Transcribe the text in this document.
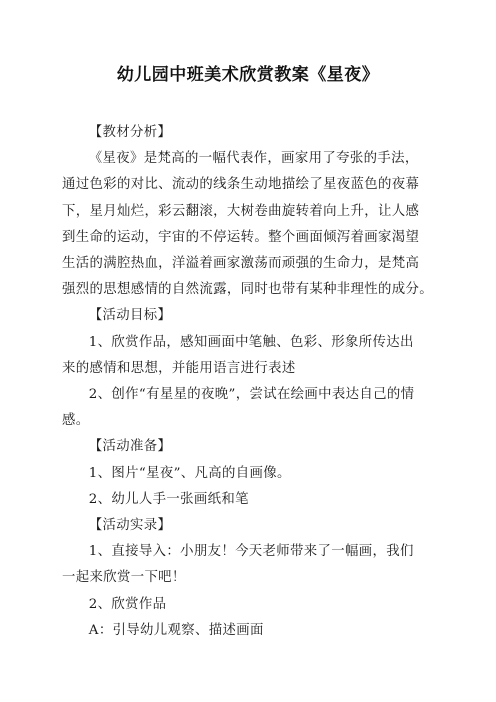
幼儿园中班美术欣赏教案《星夜》
【教材分析】
《星夜》是梵高的一幅代表作，画家用了夸张的手法，
通过色彩的对比、流动的线条生动地描绘了星夜蓝色的夜幕
下，星月灿烂，彩云翻滚，大树卷曲旋转着向上升，让人感
到生命的运动，宇宙的不停运转。整个画面倾泻着画家渴望
生活的满腔热血，洋溢着画家激荡而顽强的生命力，是梵高
强烈的思想感情的自然流露，同时也带有某种非理性的成分。
【活动目标】
1、欣赏作品，感知画面中笔触、色彩、形象所传达出
来的感情和思想，并能用语言进行表述
2、创作“有星星的夜晚”，尝试在绘画中表达自己的情
感。
【活动准备】
1、图片“星夜”、凡高的自画像。
2、幼儿人手一张画纸和笔
【活动实录】
1、直接导入：小朋友！今天老师带来了一幅画，我们
一起来欣赏一下吧！
2、欣赏作品
A：引导幼儿观察、描述画面
